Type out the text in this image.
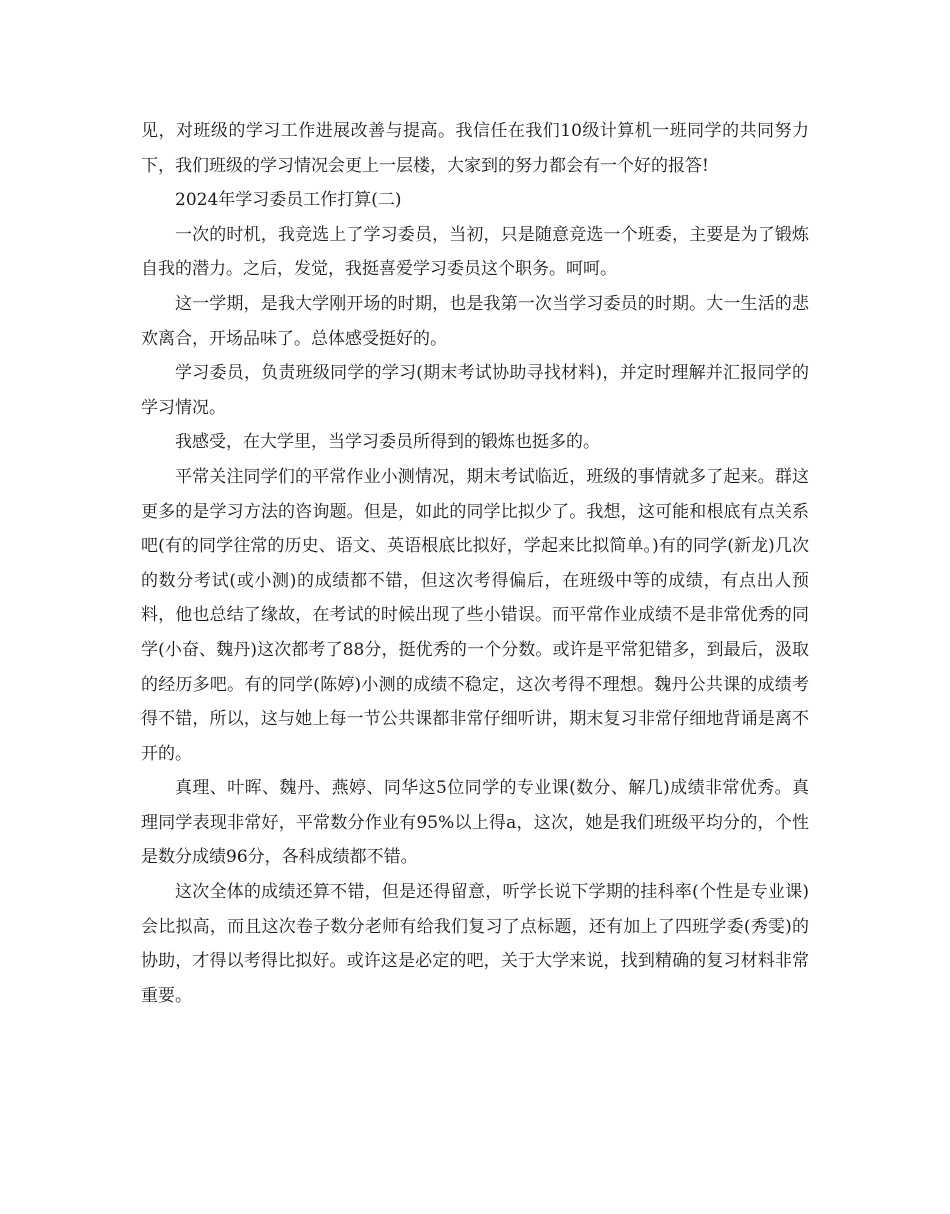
见，对班级的学习工作进展改善与提高。我信任在我们10级计算机一班同学的共同努力下，我们班级的学习情况会更上一层楼，大家到的努力都会有一个好的报答!

2024年学习委员工作打算(二)

一次的时机，我竞选上了学习委员，当初，只是随意竞选一个班委，主要是为了锻炼自我的潜力。之后，发觉，我挺喜爱学习委员这个职务。呵呵。

这一学期，是我大学刚开场的时期，也是我第一次当学习委员的时期。大一生活的悲欢离合，开场品味了。总体感受挺好的。

学习委员，负责班级同学的学习(期末考试协助寻找材料)，并定时理解并汇报同学的学习情况。

我感受，在大学里，当学习委员所得到的锻炼也挺多的。

平常关注同学们的平常作业小测情况，期末考试临近，班级的事情就多了起来。群这更多的是学习方法的咨询题。但是，如此的同学比拟少了。我想，这可能和根底有点关系吧(有的同学往常的历史、语文、英语根底比拟好，学起来比拟简单。)有的同学(新龙)几次的数分考试(或小测)的成绩都不错，但这次考得偏后，在班级中等的成绩，有点出人预料，他也总结了缘故，在考试的时候出现了些小错误。而平常作业成绩不是非常优秀的同学(小奋、魏丹)这次都考了88分，挺优秀的一个分数。或许是平常犯错多，到最后，汲取的经历多吧。有的同学(陈婷)小测的成绩不稳定，这次考得不理想。魏丹公共课的成绩考得不错，所以，这与她上每一节公共课都非常仔细听讲，期末复习非常仔细地背诵是离不开的。

真理、叶晖、魏丹、燕婷、同华这5位同学的专业课(数分、解几)成绩非常优秀。真理同学表现非常好，平常数分作业有95%以上得a，这次，她是我们班级平均分的，个性是数分成绩96分，各科成绩都不错。

这次全体的成绩还算不错，但是还得留意，听学长说下学期的挂科率(个性是专业课)会比拟高，而且这次卷子数分老师有给我们复习了点标题，还有加上了四班学委(秀雯)的协助，才得以考得比拟好。或许这是必定的吧，关于大学来说，找到精确的复习材料非常重要。
